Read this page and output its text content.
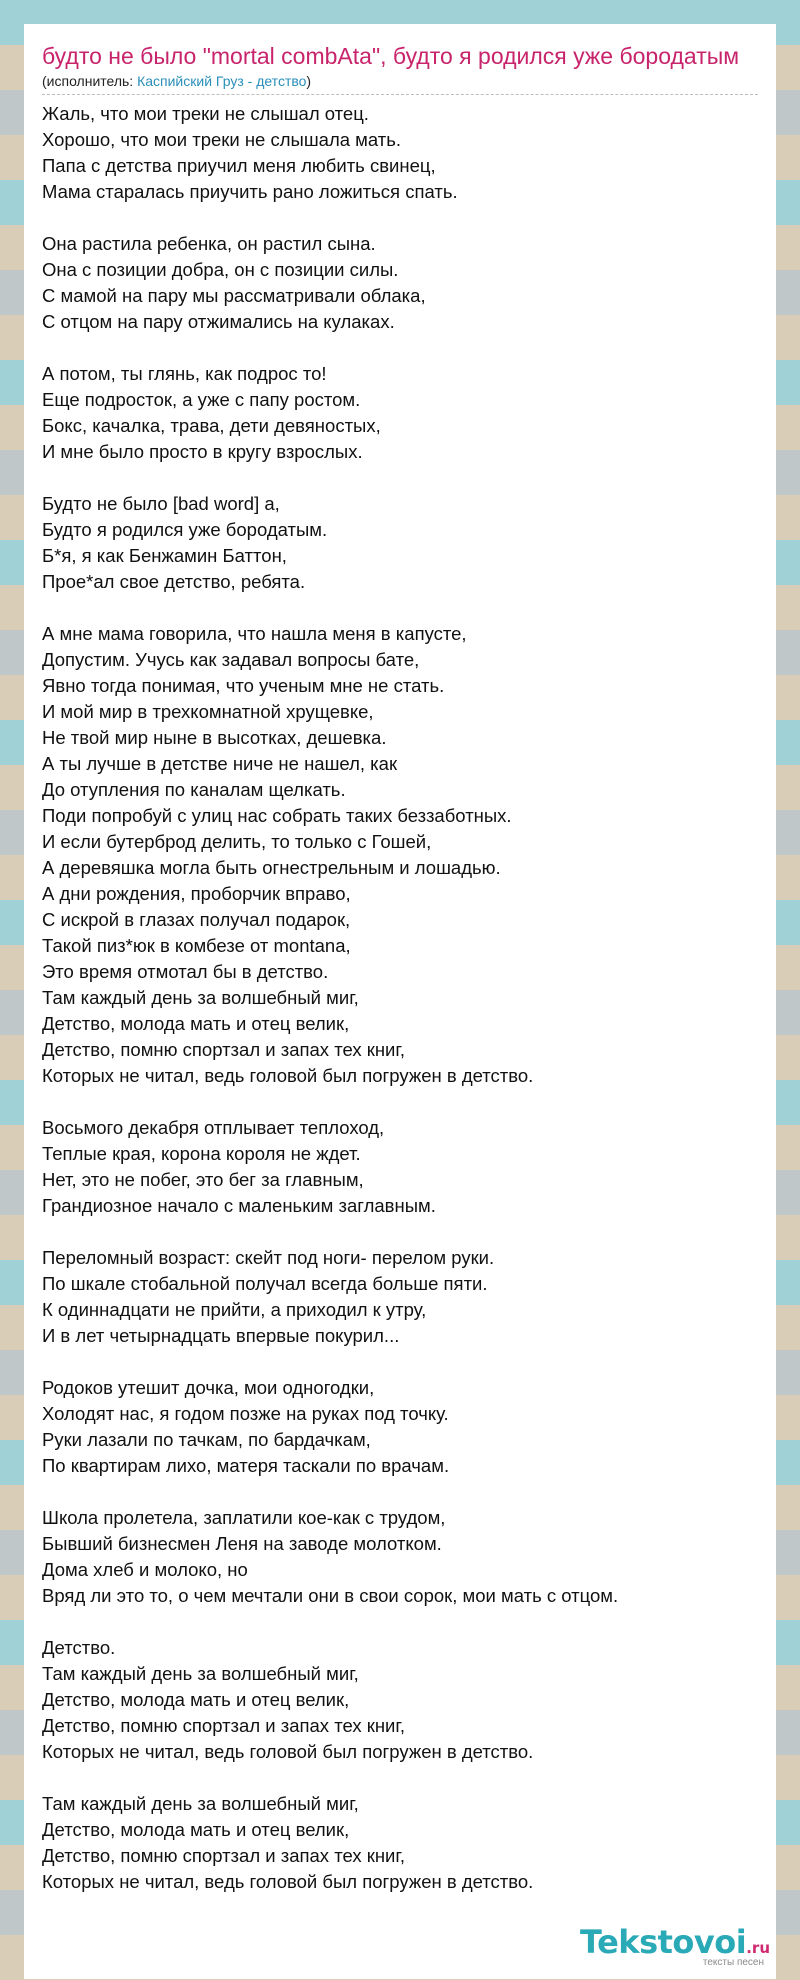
будто не было "mortal combAta", будто я родился уже бородатым
(исполнитель: Каспийский Груз - детство)
Жаль, что мои треки не слышал отец.
Хорошо, что мои треки не слышала мать.
Папа с детства приучил меня любить свинец,
Мама старалась приучить рано ложиться спать.
Она растила ребенка, он растил сына.
Она с позиции добра, он с позиции силы.
С мамой на пару мы рассматривали облака,
С отцом на пару отжимались на кулаках.
А потом, ты глянь, как подрос то!
Еще подросток, а уже с папу ростом.
Бокс, качалка, трава, дети девяностых,
И мне было просто в кругу взрослых.
Будто не было [bad word] а,
Будто я родился уже бородатым.
Б*я, я как Бенжамин Баттон,
Прое*ал свое детство, ребята.
А мне мама говорила, что нашла меня в капусте,
Допустим. Учусь как задавал вопросы бате,
Явно тогда понимая, что ученым мне не стать.
И мой мир в трехкомнатной хрущевке,
Не твой мир ныне в высотках, дешевка.
А ты лучше в детстве ниче не нашел, как
До отупления по каналам щелкать.
Поди попробуй с улиц нас собрать таких беззаботных.
И если бутерброд делить, то только с Гошей,
А деревяшка могла быть огнестрельным и лошадью.
А дни рождения, проборчик вправо,
С искрой в глазах получал подарок,
Такой пиз*юк в комбезе от montana,
Это время отмотал бы в детство.
Там каждый день за волшебный миг,
Детство, молода мать и отец велик,
Детство, помню спортзал и запах тех книг,
Которых не читал, ведь головой был погружен в детство.
Восьмого декабря отплывает теплоход,
Теплые края, корона короля не ждет.
Нет, это не побег, это бег за главным,
Грандиозное начало с маленьким заглавным.
Переломный возраст: скейт под ноги- перелом руки.
По шкале стобальной получал всегда больше пяти.
К одиннадцати не прийти, а приходил к утру,
И в лет четырнадцать впервые покурил...
Родоков утешит дочка, мои одногодки,
Холодят нас, я годом позже на руках под точку.
Руки лазали по тачкам, по бардачкам,
По квартирам лихо, матеря таскали по врачам.
Школа пролетела, заплатили кое-как с трудом,
Бывший бизнесмен Леня на заводе молотком.
Дома хлеб и молоко, но
Вряд ли это то, о чем мечтали они в свои сорок, мои мать с отцом.
Детство.
Там каждый день за волшебный миг,
Детство, молода мать и отец велик,
Детство, помню спортзал и запах тех книг,
Которых не читал, ведь головой был погружен в детство.
Там каждый день за волшебный миг,
Детство, молода мать и отец велик,
Детство, помню спортзал и запах тех книг,
Которых не читал, ведь головой был погружен в детство.
Tekstovoi.ru
тексты песен
